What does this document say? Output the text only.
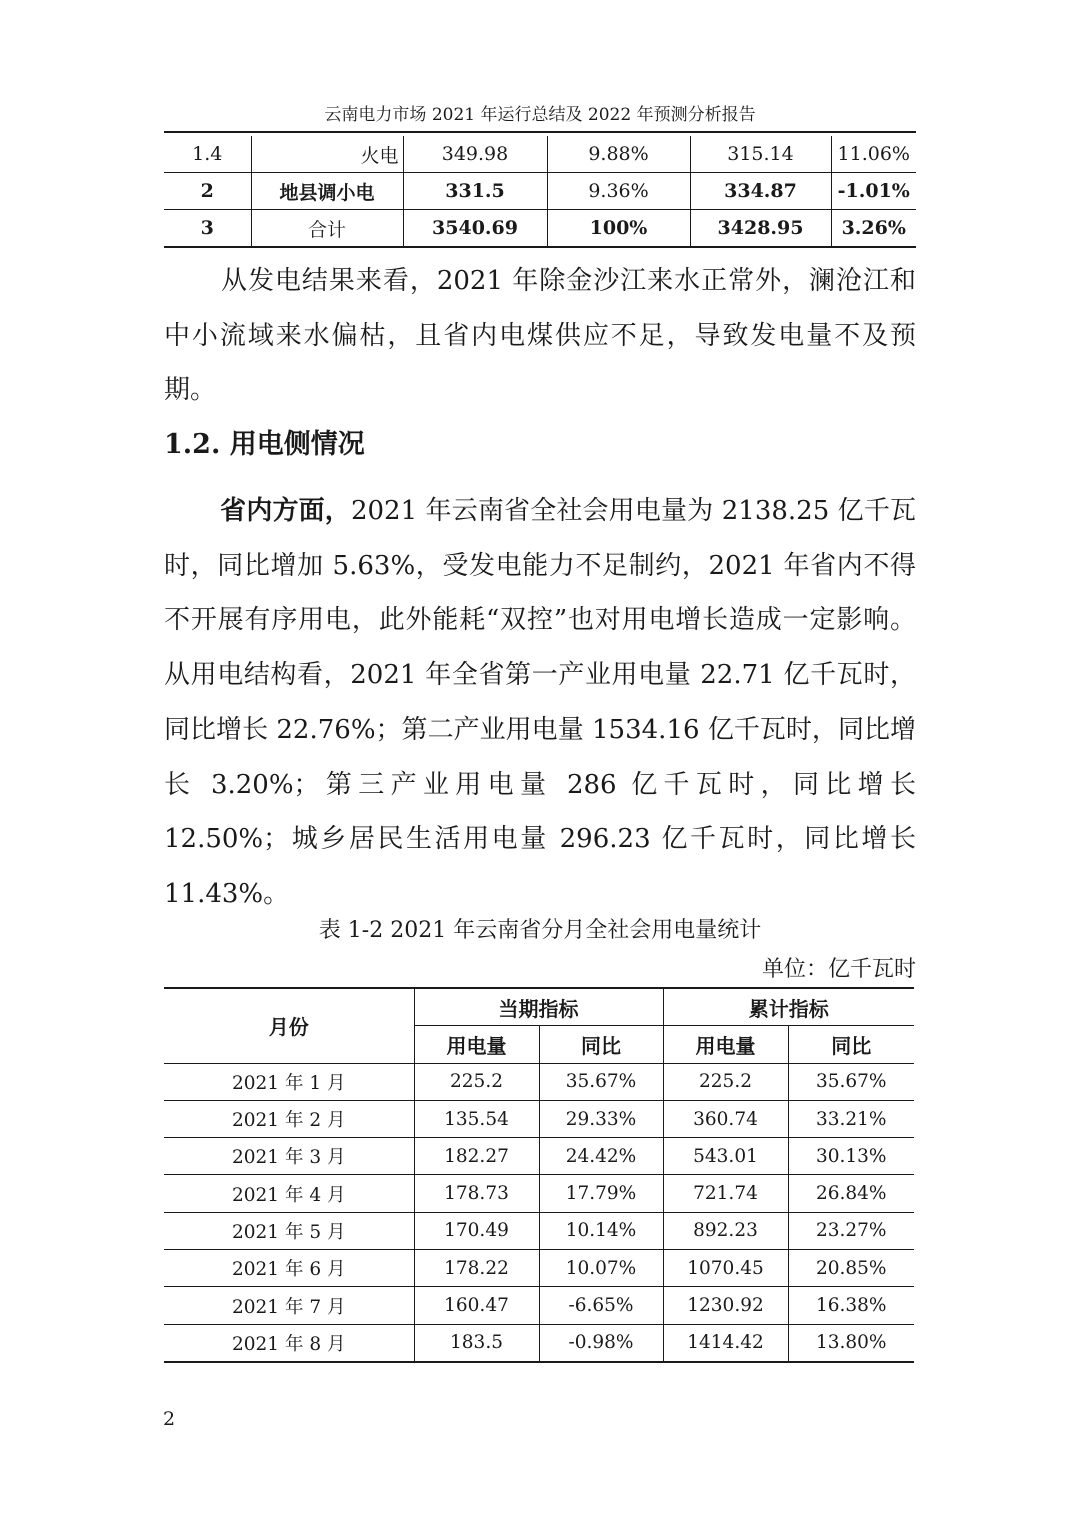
云南电力市场 2021 年运行总结及 2022 年预测分析报告
1.4	火电	349.98	9.88%	315.14	11.06%
2	地县调小电	331.5	9.36%	334.87	-1.01%
3	合计	3540.69	100%	3428.95	3.26%
从发电结果来看，2021 年除金沙江来水正常外，澜沧江和中小流域来水偏枯，且省内电煤供应不足，导致发电量不及预期。
1.2. 用电侧情况
省内方面，2021 年云南省全社会用电量为 2138.25 亿千瓦时，同比增加 5.63%，受发电能力不足制约，2021 年省内不得不开展有序用电，此外能耗“双控”也对用电增长造成一定影响。从用电结构看，2021 年全省第一产业用电量 22.71 亿千瓦时，同比增长 22.76%；第二产业用电量 1534.16 亿千瓦时，同比增长 3.20%；第三产业用电量 286 亿千瓦时，同比增长 12.50%；城乡居民生活用电量 296.23 亿千瓦时，同比增长 11.43%。
表 1-2 2021 年云南省分月全社会用电量统计
单位：亿千瓦时
月份	当期指标		累计指标	
	用电量	同比	用电量	同比
2021 年 1 月	225.2	35.67%	225.2	35.67%
2021 年 2 月	135.54	29.33%	360.74	33.21%
2021 年 3 月	182.27	24.42%	543.01	30.13%
2021 年 4 月	178.73	17.79%	721.74	26.84%
2021 年 5 月	170.49	10.14%	892.23	23.27%
2021 年 6 月	178.22	10.07%	1070.45	20.85%
2021 年 7 月	160.47	-6.65%	1230.92	16.38%
2021 年 8 月	183.5	-0.98%	1414.42	13.80%
2
